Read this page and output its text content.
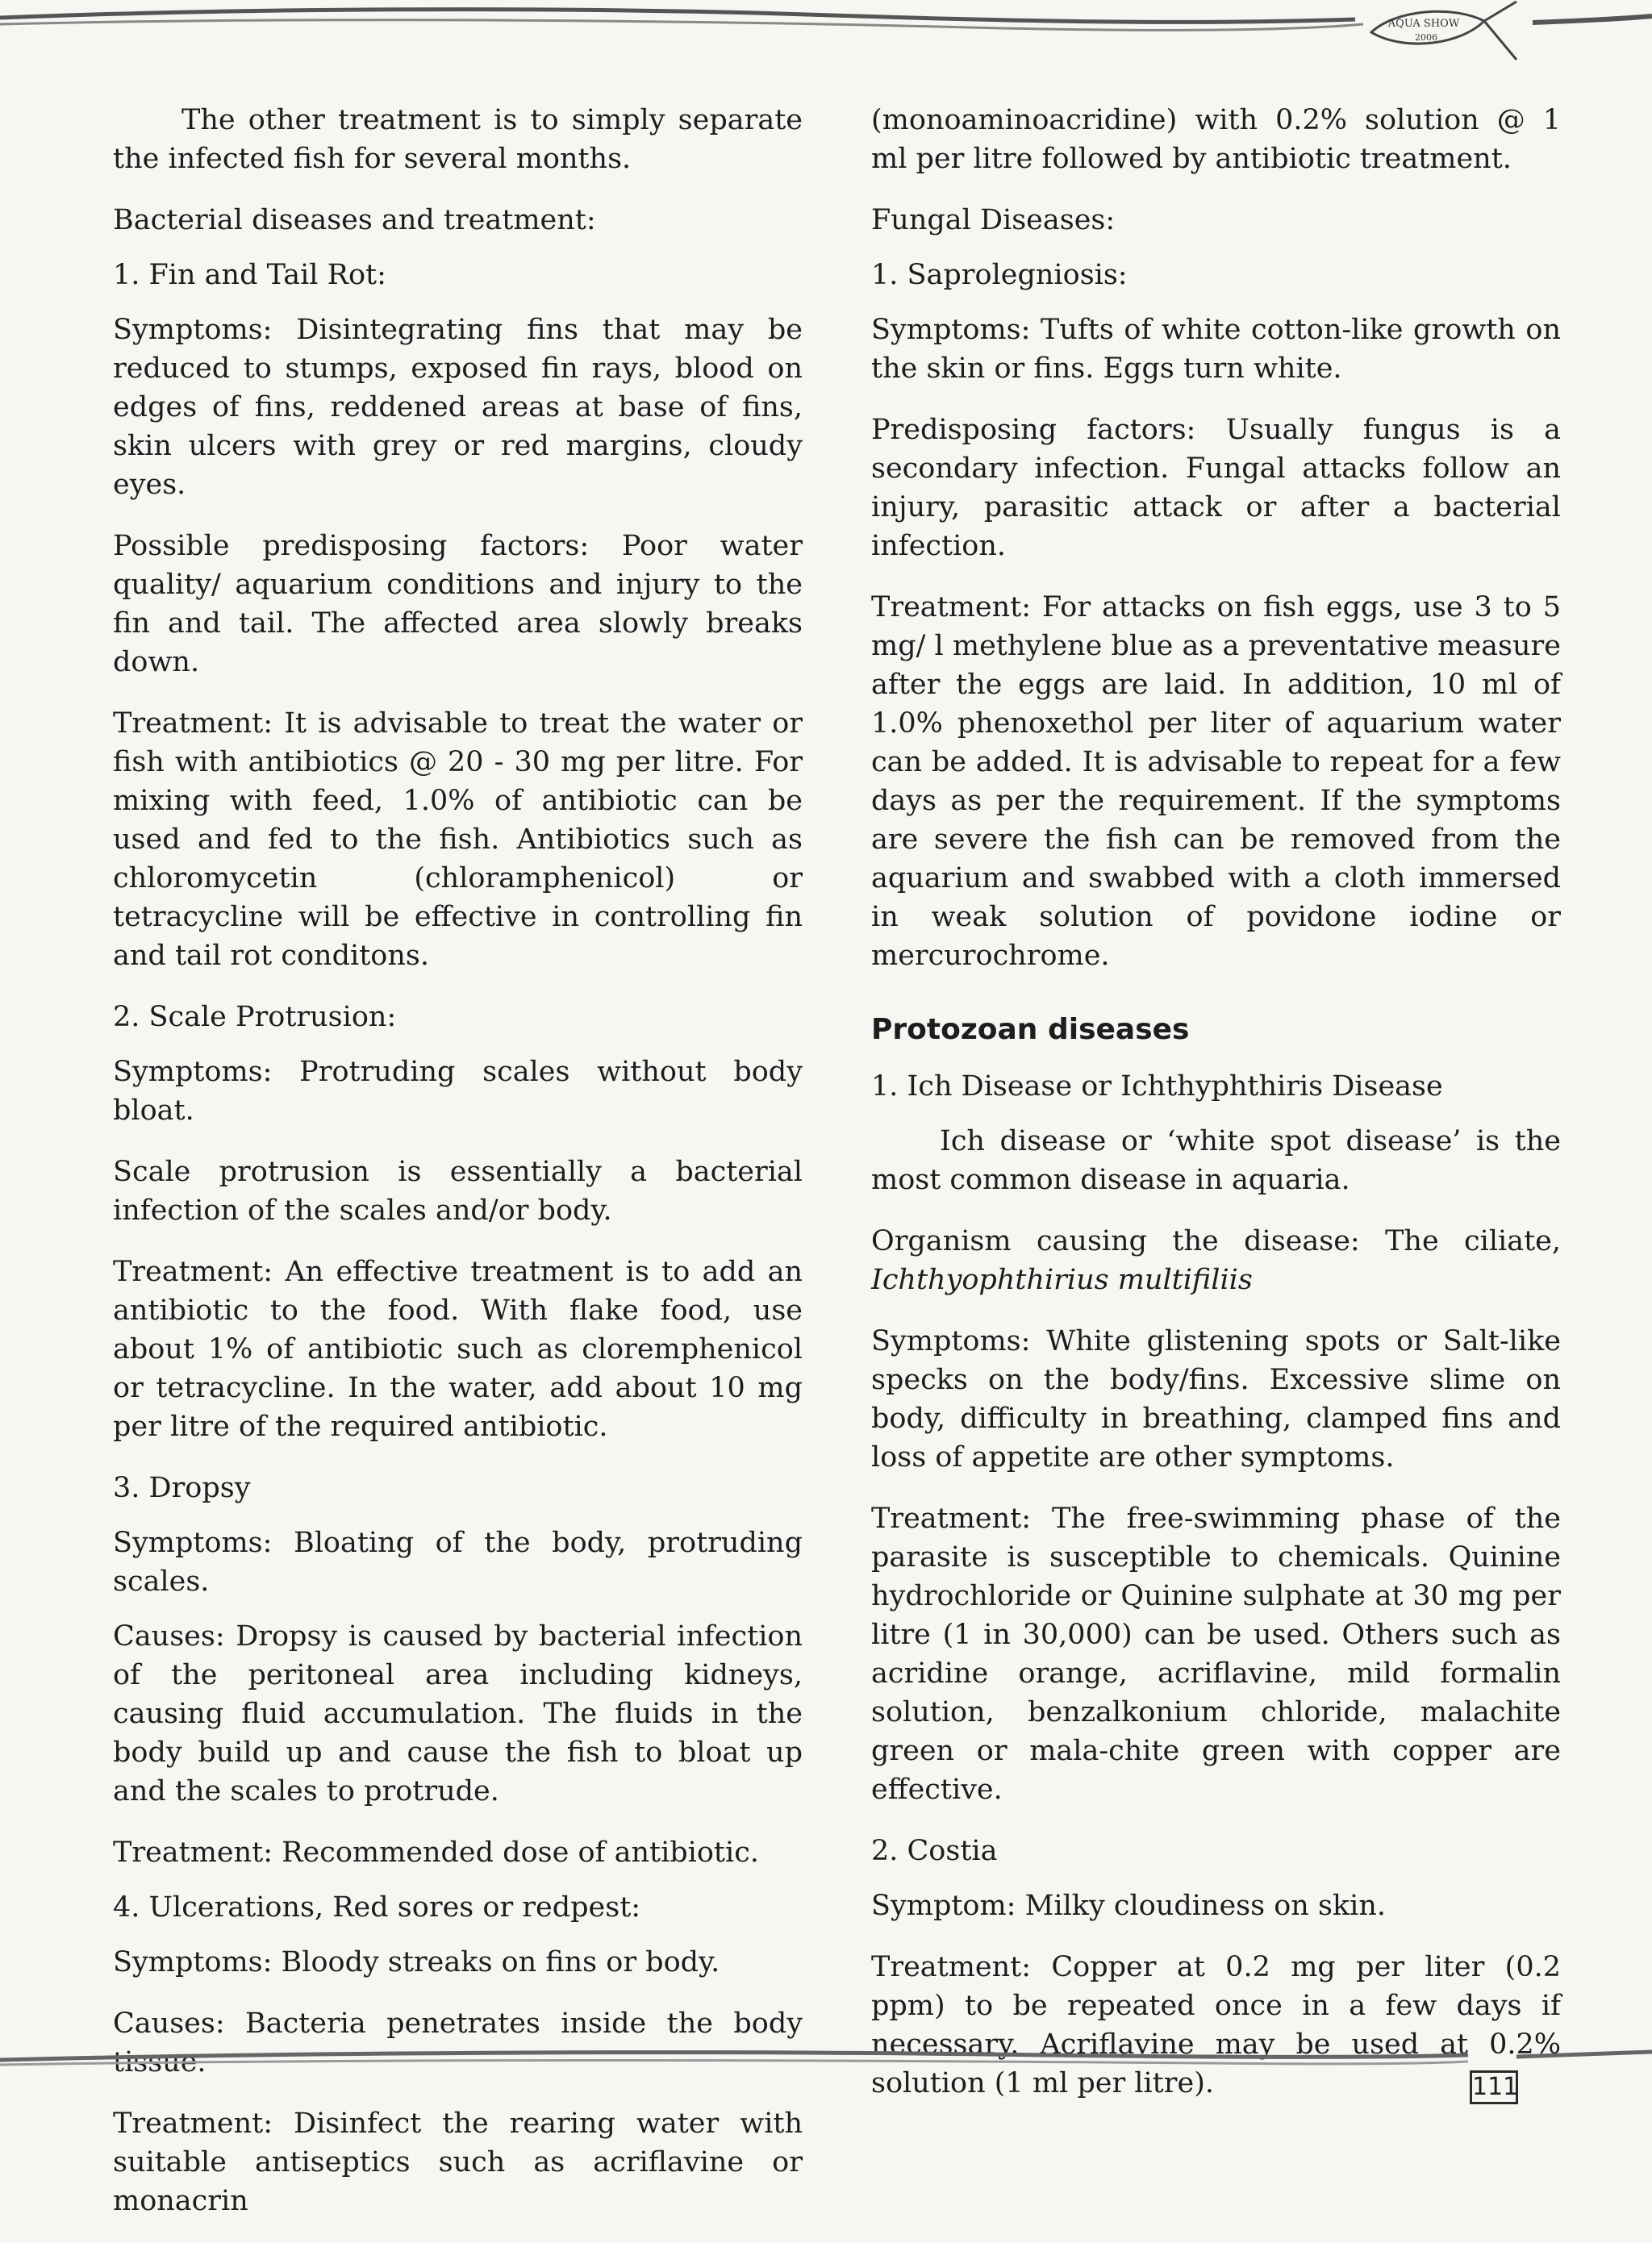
AQUA SHOW
2006

The other treatment is to simply separate the infected fish for several months.

Bacterial diseases and treatment:

1. Fin and Tail Rot:

Symptoms: Disintegrating fins that may be reduced to stumps, exposed fin rays, blood on edges of fins, reddened areas at base of fins, skin ulcers with grey or red margins, cloudy eyes.

Possible predisposing factors: Poor water quality/ aquarium conditions and injury to the fin and tail. The affected area slowly breaks down.

Treatment: It is advisable to treat the water or fish with antibiotics @ 20 - 30 mg per litre. For mixing with feed, 1.0% of antibiotic can be used and fed to the fish. Antibiotics such as chloromycetin (chloramphenicol) or tetracycline will be effective in controlling fin and tail rot conditons.

2. Scale Protrusion:

Symptoms: Protruding scales without body bloat.

Scale protrusion is essentially a bacterial infection of the scales and/or body.

Treatment: An effective treatment is to add an antibiotic to the food. With flake food, use about 1% of antibiotic such as cloremphenicol or tetracycline. In the water, add about 10 mg per litre of the required antibiotic.

3. Dropsy

Symptoms: Bloating of the body, protruding scales.

Causes: Dropsy is caused by bacterial infection of the peritoneal area including kidneys, causing fluid accumulation. The fluids in the body build up and cause the fish to bloat up and the scales to protrude.

Treatment: Recommended dose of antibiotic.

4. Ulcerations, Red sores or redpest:

Symptoms: Bloody streaks on fins or body.

Causes: Bacteria penetrates inside the body tissue.

Treatment: Disinfect the rearing water with suitable antiseptics such as acriflavine or monacrin

(monoaminoacridine) with 0.2% solution @ 1 ml per litre followed by antibiotic treatment.

Fungal Diseases:

1. Saprolegniosis:

Symptoms: Tufts of white cotton-like growth on the skin or fins. Eggs turn white.

Predisposing factors: Usually fungus is a secondary infection. Fungal attacks follow an injury, parasitic attack or after a bacterial infection.

Treatment: For attacks on fish eggs, use 3 to 5 mg/ l methylene blue as a preventative measure after the eggs are laid. In addition, 10 ml of 1.0% phenoxethol per liter of aquarium water can be added. It is advisable to repeat for a few days as per the requirement. If the symptoms are severe the fish can be removed from the aquarium and swabbed with a cloth immersed in weak solution of povidone iodine or mercurochrome.

Protozoan diseases

1. Ich Disease or Ichthyphthiris Disease

Ich disease or ‘white spot disease’ is the most common disease in aquaria.

Organism causing the disease: The ciliate, Ichthyophthirius multifiliis

Symptoms: White glistening spots or Salt-like specks on the body/fins. Excessive slime on body, difficulty in breathing, clamped fins and loss of appetite are other symptoms.

Treatment: The free-swimming phase of the parasite is susceptible to chemicals. Quinine hydrochloride or Quinine sulphate at 30 mg per litre (1 in 30,000) can be used. Others such as acridine orange, acriflavine, mild formalin solution, benzalkonium chloride, malachite green or mala-chite green with copper are effective.

2. Costia

Symptom: Milky cloudiness on skin.

Treatment: Copper at 0.2 mg per liter (0.2 ppm) to be repeated once in a few days if necessary. Acriflavine may be used at 0.2% solution (1 ml per litre).	111
